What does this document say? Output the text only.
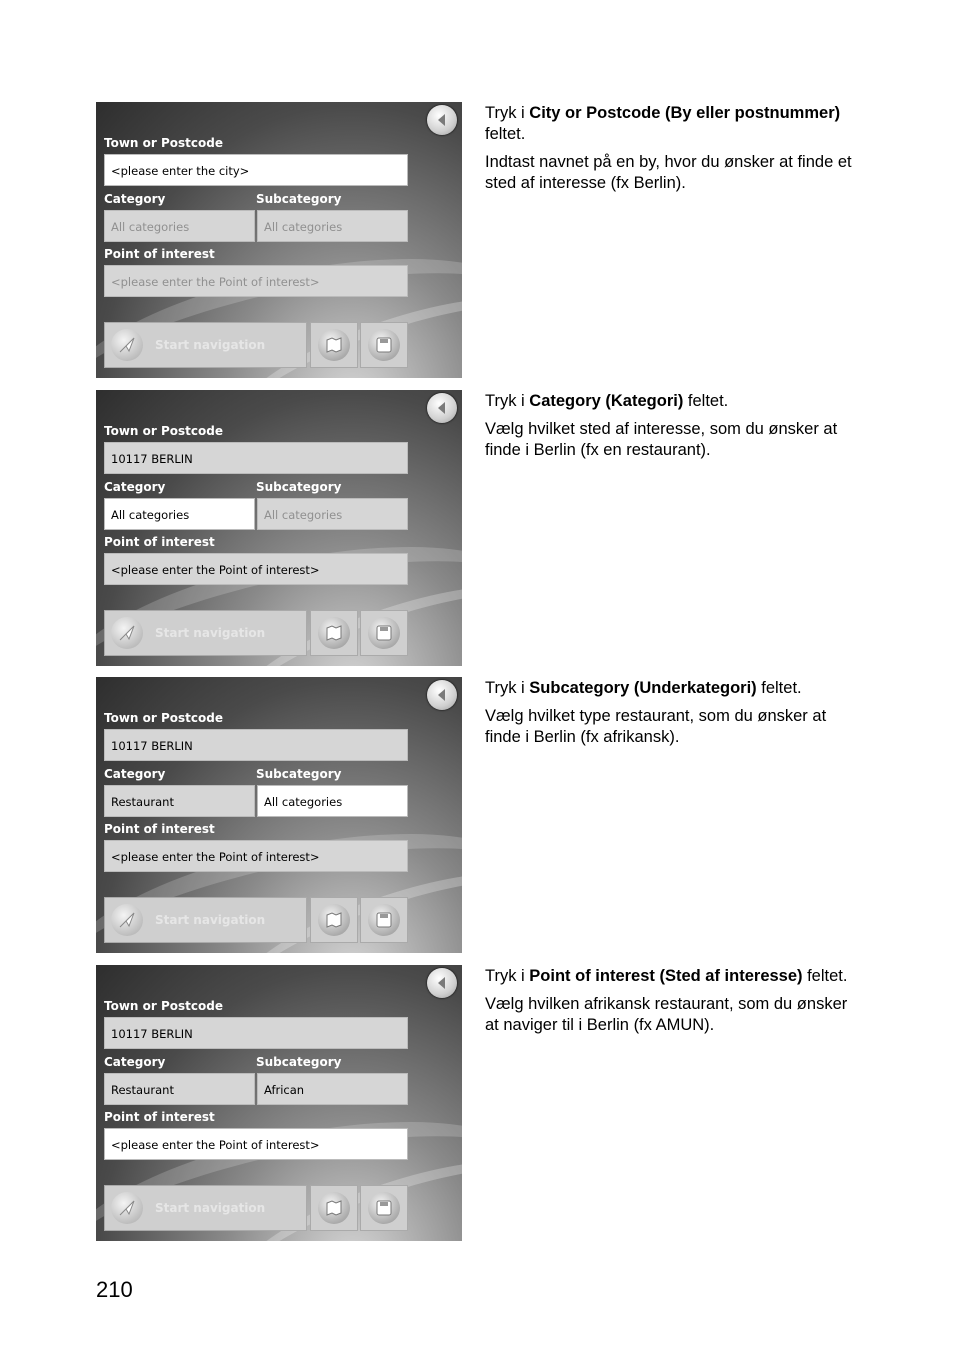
Town or Postcode
<please enter the city>
Category	Subcategory
All categories	All categories
Point of interest
<please enter the Point of interest>
Start navigation

Tryk i City or Postcode (By eller postnummer) feltet.

Indtast navnet på en by, hvor du ønsker at finde et sted af interesse (fx Berlin).

Town or Postcode
10117 BERLIN
Category	Subcategory
All categories	All categories
Point of interest
<please enter the Point of interest>
Start navigation

Tryk i Category (Kategori) feltet.

Vælg hvilket sted af interesse, som du ønsker at finde i Berlin (fx en restaurant).

Town or Postcode
10117 BERLIN
Category	Subcategory
Restaurant	All categories
Point of interest
<please enter the Point of interest>
Start navigation

Tryk i Subcategory (Underkategori) feltet.

Vælg hvilket type restaurant, som du ønsker at finde i Berlin (fx afrikansk).

Town or Postcode
10117 BERLIN
Category	Subcategory
Restaurant	African
Point of interest
<please enter the Point of interest>
Start navigation

Tryk i Point of interest (Sted af interesse) feltet.

Vælg hvilken afrikansk restaurant, som du ønsker at naviger til i Berlin (fx AMUN).

210
